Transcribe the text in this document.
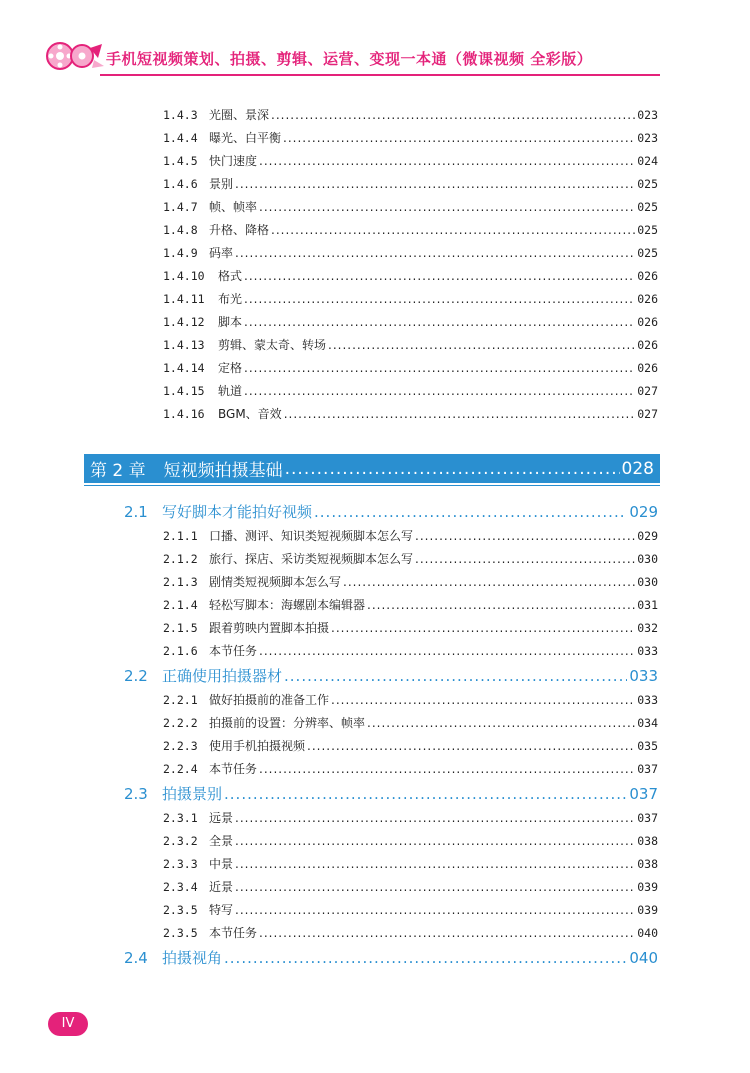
手机短视频策划、拍摄、剪辑、运营、变现一本通（微课视频 全彩版）
1.4.3 光圈、景深 .....	023
1.4.4 曝光、白平衡 .....	023
1.4.5 快门速度 .....	024
1.4.6 景别 .....	025
1.4.7 帧、帧率 .....	025
1.4.8 升格、降格 .....	025
1.4.9 码率 .....	025
1.4.10	格式 .....	026
1.4.11	布光 .....	026
1.4.12	脚本 .....	026
1.4.13	剪辑、蒙太奇、转场 .....	026
1.4.14	定格 .....	026
1.4.15	轨道 .....	027
1.4.16	BGM、音效 .....	027
第 2 章 短视频拍摄基础 .....	028
2.1 写好脚本才能拍好视频 .....	029
2.1.1 口播、测评、知识类短视频脚本怎么写 .....	029
2.1.2 旅行、探店、采访类短视频脚本怎么写 .....	030
2.1.3 剧情类短视频脚本怎么写 .....	030
2.1.4 轻松写脚本：海螺剧本编辑器 .....	031
2.1.5 跟着剪映内置脚本拍摄 .....	032
2.1.6 本节任务 .....	033
2.2 正确使用拍摄器材 .....	033
2.2.1 做好拍摄前的准备工作 .....	033
2.2.2 拍摄前的设置：分辨率、帧率 .....	034
2.2.3 使用手机拍摄视频 .....	035
2.2.4 本节任务 .....	037
2.3 拍摄景别 .....	037
2.3.1 远景 .....	037
2.3.2 全景 .....	038
2.3.3 中景 .....	038
2.3.4 近景 .....	039
2.3.5 特写 .....	039
2.3.5 本节任务 .....	040
2.4 拍摄视角 .....	040
IV
